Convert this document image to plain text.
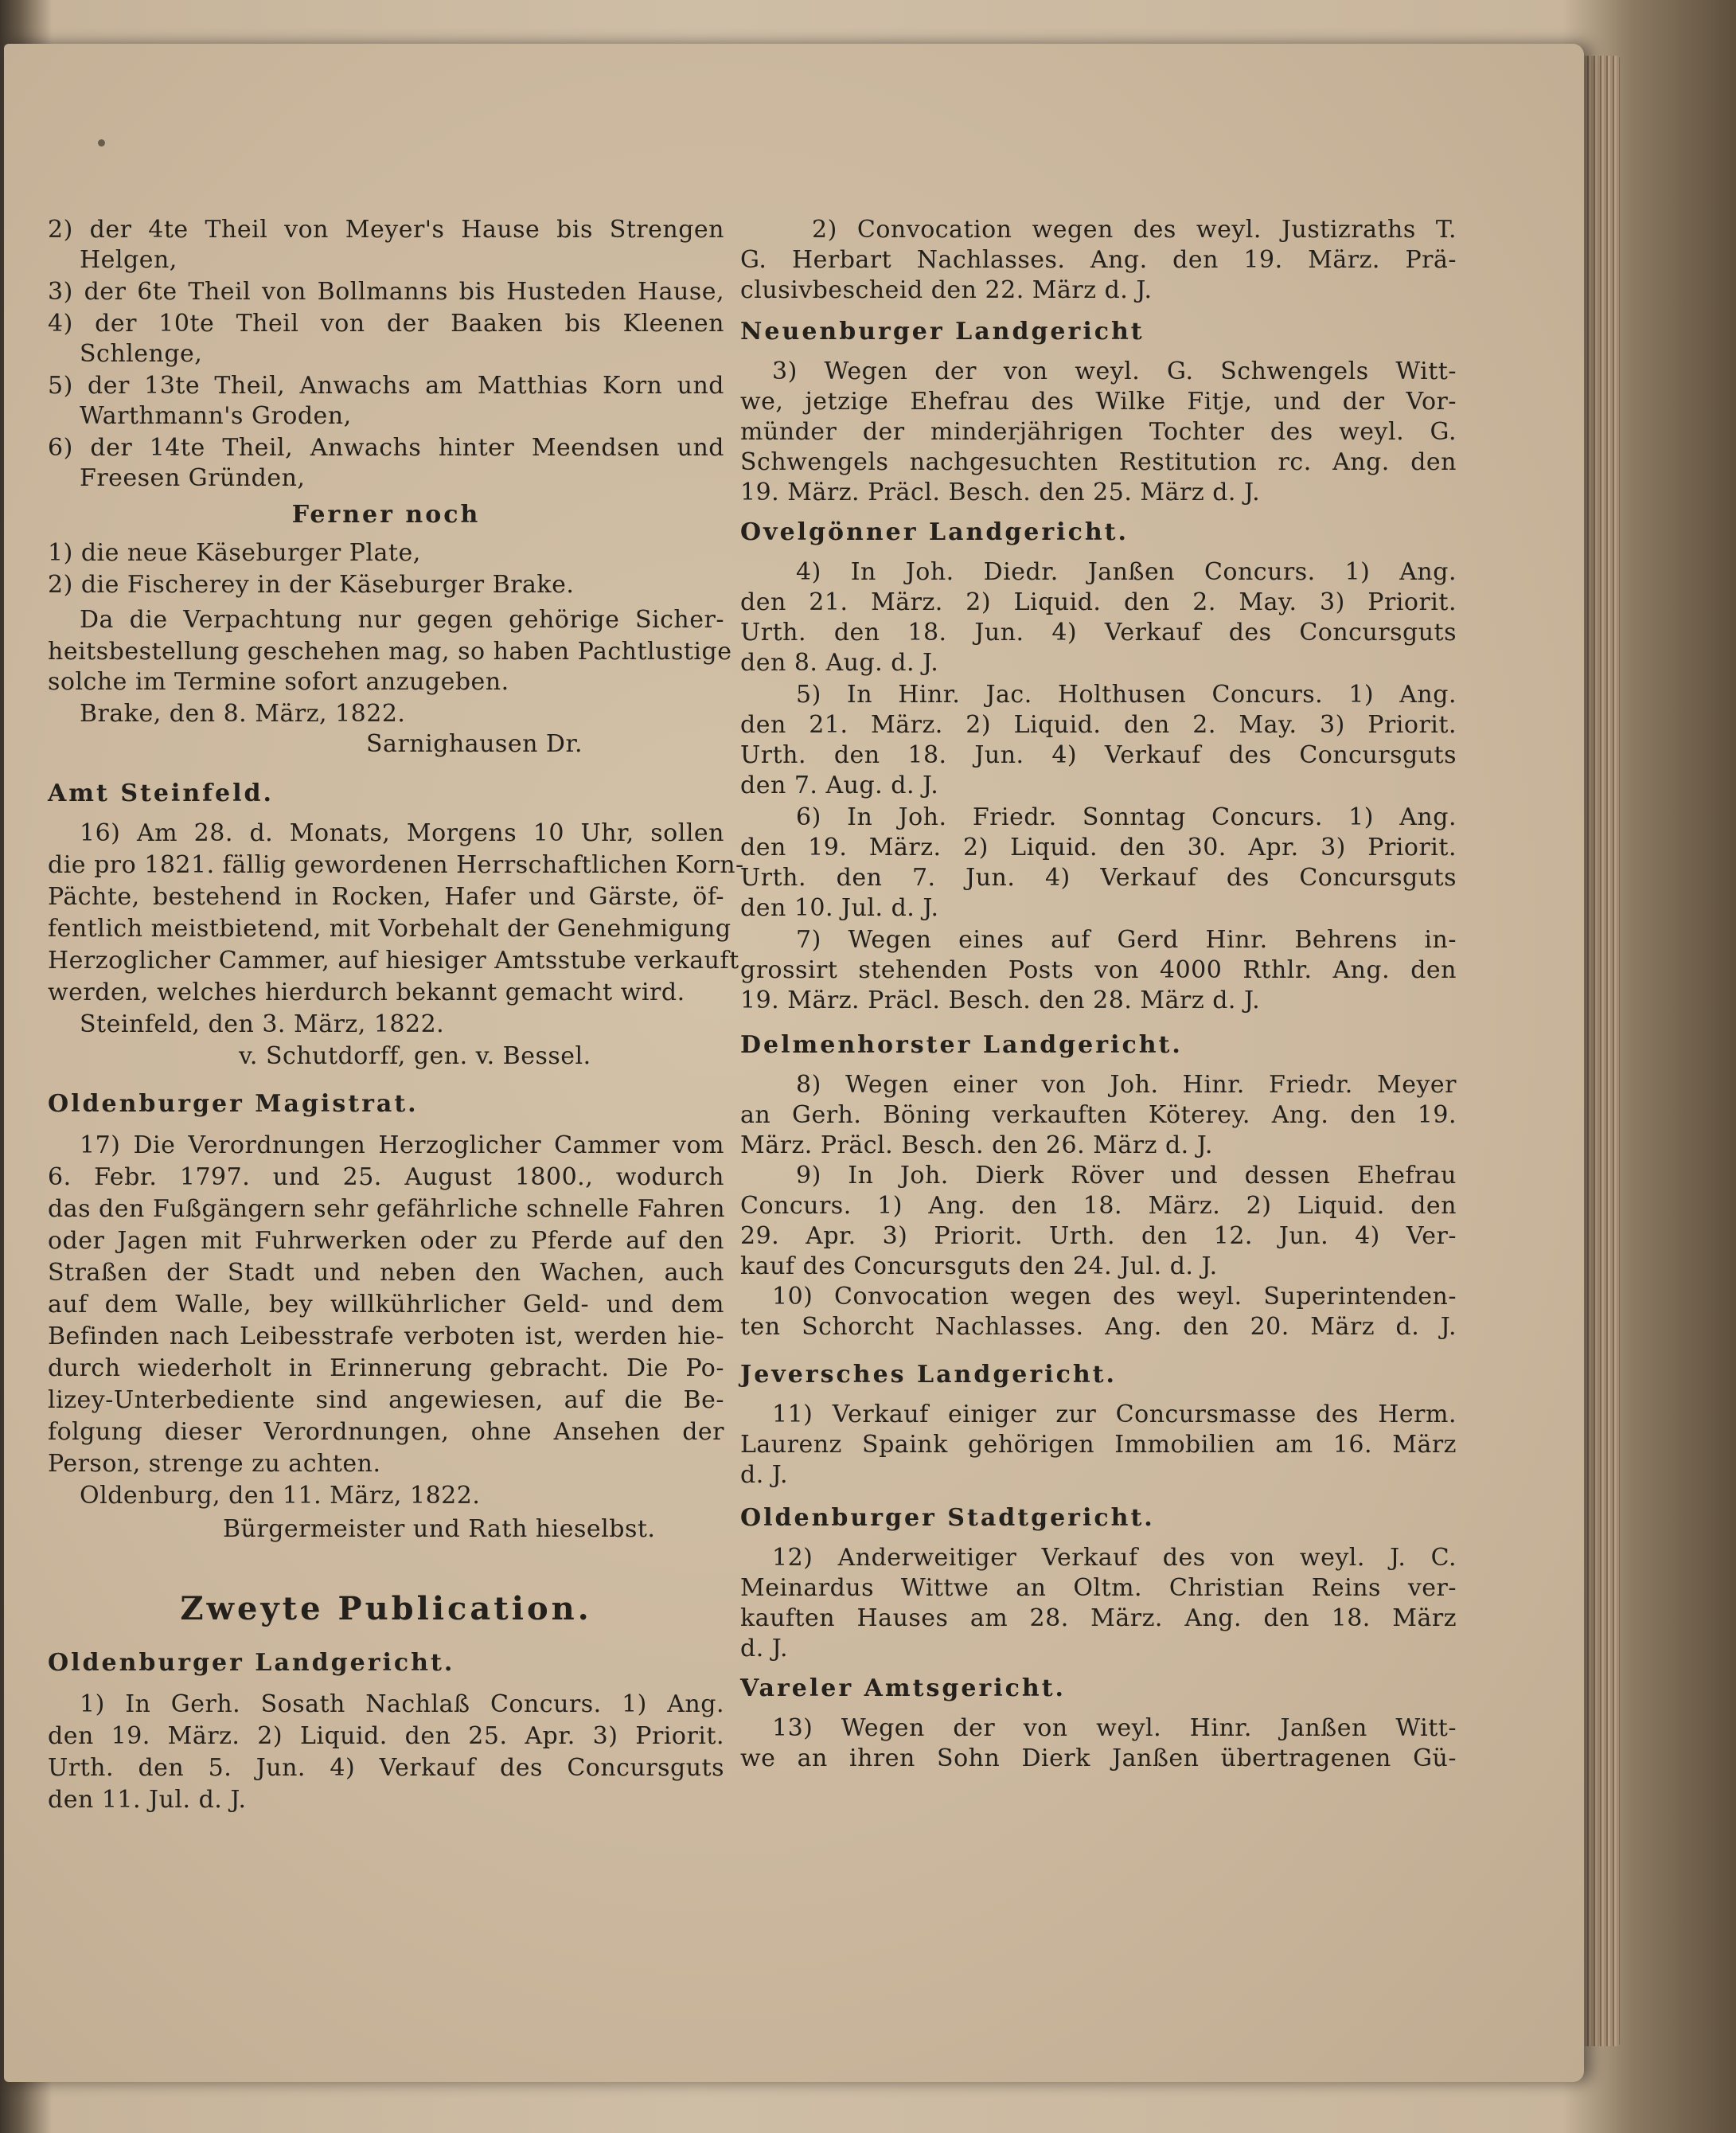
2) der 4te Theil von Meyer's Hause bis Strengen
Helgen,
3) der 6te Theil von Bollmanns bis Husteden Hause,
4) der 10te Theil von der Baaken bis Kleenen
Schlenge,
5) der 13te Theil, Anwachs am Matthias Korn und
Warthmann's Groden,
6) der 14te Theil, Anwachs hinter Meendsen und
Freesen Gründen,
Ferner noch
1) die neue Käseburger Plate,
2) die Fischerey in der Käseburger Brake.
Da die Verpachtung nur gegen gehörige Sicher-
heitsbestellung geschehen mag, so haben Pachtlustige
solche im Termine sofort anzugeben.
Brake, den 8. März, 1822.
Sarnighausen Dr.
Amt Steinfeld.
16) Am 28. d. Monats, Morgens 10 Uhr, sollen
die pro 1821. fällig gewordenen Herrschaftlichen Korn-
Pächte, bestehend in Rocken, Hafer und Gärste, öf-
fentlich meistbietend, mit Vorbehalt der Genehmigung
Herzoglicher Cammer, auf hiesiger Amtsstube verkauft
werden, welches hierdurch bekannt gemacht wird.
Steinfeld, den 3. März, 1822.
v. Schutdorff, gen. v. Bessel.
Oldenburger Magistrat.
17) Die Verordnungen Herzoglicher Cammer vom
6. Febr. 1797. und 25. August 1800., wodurch
das den Fußgängern sehr gefährliche schnelle Fahren
oder Jagen mit Fuhrwerken oder zu Pferde auf den
Straßen der Stadt und neben den Wachen, auch
auf dem Walle, bey willkührlicher Geld- und dem
Befinden nach Leibesstrafe verboten ist, werden hie-
durch wiederholt in Erinnerung gebracht. Die Po-
lizey-Unterbediente sind angewiesen, auf die Be-
folgung dieser Verordnungen, ohne Ansehen der
Person, strenge zu achten.
Oldenburg, den 11. März, 1822.
Bürgermeister und Rath hieselbst.
Zweyte Publication.
Oldenburger Landgericht.
1) In Gerh. Sosath Nachlaß Concurs. 1) Ang.
den 19. März. 2) Liquid. den 25. Apr. 3) Priorit.
Urth. den 5. Jun. 4) Verkauf des Concursguts
den 11. Jul. d. J.
2) Convocation wegen des weyl. Justizraths T.
G. Herbart Nachlasses. Ang. den 19. März. Prä-
clusivbescheid den 22. März d. J.
Neuenburger Landgericht
3) Wegen der von weyl. G. Schwengels Witt-
we, jetzige Ehefrau des Wilke Fitje, und der Vor-
münder der minderjährigen Tochter des weyl. G.
Schwengels nachgesuchten Restitution rc. Ang. den
19. März. Präcl. Besch. den 25. März d. J.
Ovelgönner Landgericht.
4) In Joh. Diedr. Janßen Concurs. 1) Ang.
den 21. März. 2) Liquid. den 2. May. 3) Priorit.
Urth. den 18. Jun. 4) Verkauf des Concursguts
den 8. Aug. d. J.
5) In Hinr. Jac. Holthusen Concurs. 1) Ang.
den 21. März. 2) Liquid. den 2. May. 3) Priorit.
Urth. den 18. Jun. 4) Verkauf des Concursguts
den 7. Aug. d. J.
6) In Joh. Friedr. Sonntag Concurs. 1) Ang.
den 19. März. 2) Liquid. den 30. Apr. 3) Priorit.
Urth. den 7. Jun. 4) Verkauf des Concursguts
den 10. Jul. d. J.
7) Wegen eines auf Gerd Hinr. Behrens in-
grossirt stehenden Posts von 4000 Rthlr. Ang. den
19. März. Präcl. Besch. den 28. März d. J.
Delmenhorster Landgericht.
8) Wegen einer von Joh. Hinr. Friedr. Meyer
an Gerh. Böning verkauften Köterey. Ang. den 19.
März. Präcl. Besch. den 26. März d. J.
9) In Joh. Dierk Röver und dessen Ehefrau
Concurs. 1) Ang. den 18. März. 2) Liquid. den
29. Apr. 3) Priorit. Urth. den 12. Jun. 4) Ver-
kauf des Concursguts den 24. Jul. d. J.
10) Convocation wegen des weyl. Superintenden-
ten Schorcht Nachlasses. Ang. den 20. März d. J.
Jeversches Landgericht.
11) Verkauf einiger zur Concursmasse des Herm.
Laurenz Spaink gehörigen Immobilien am 16. März
d. J.
Oldenburger Stadtgericht.
12) Anderweitiger Verkauf des von weyl. J. C.
Meinardus Wittwe an Oltm. Christian Reins ver-
kauften Hauses am 28. März. Ang. den 18. März
d. J.
Vareler Amtsgericht.
13) Wegen der von weyl. Hinr. Janßen Witt-
we an ihren Sohn Dierk Janßen übertragenen Gü-
